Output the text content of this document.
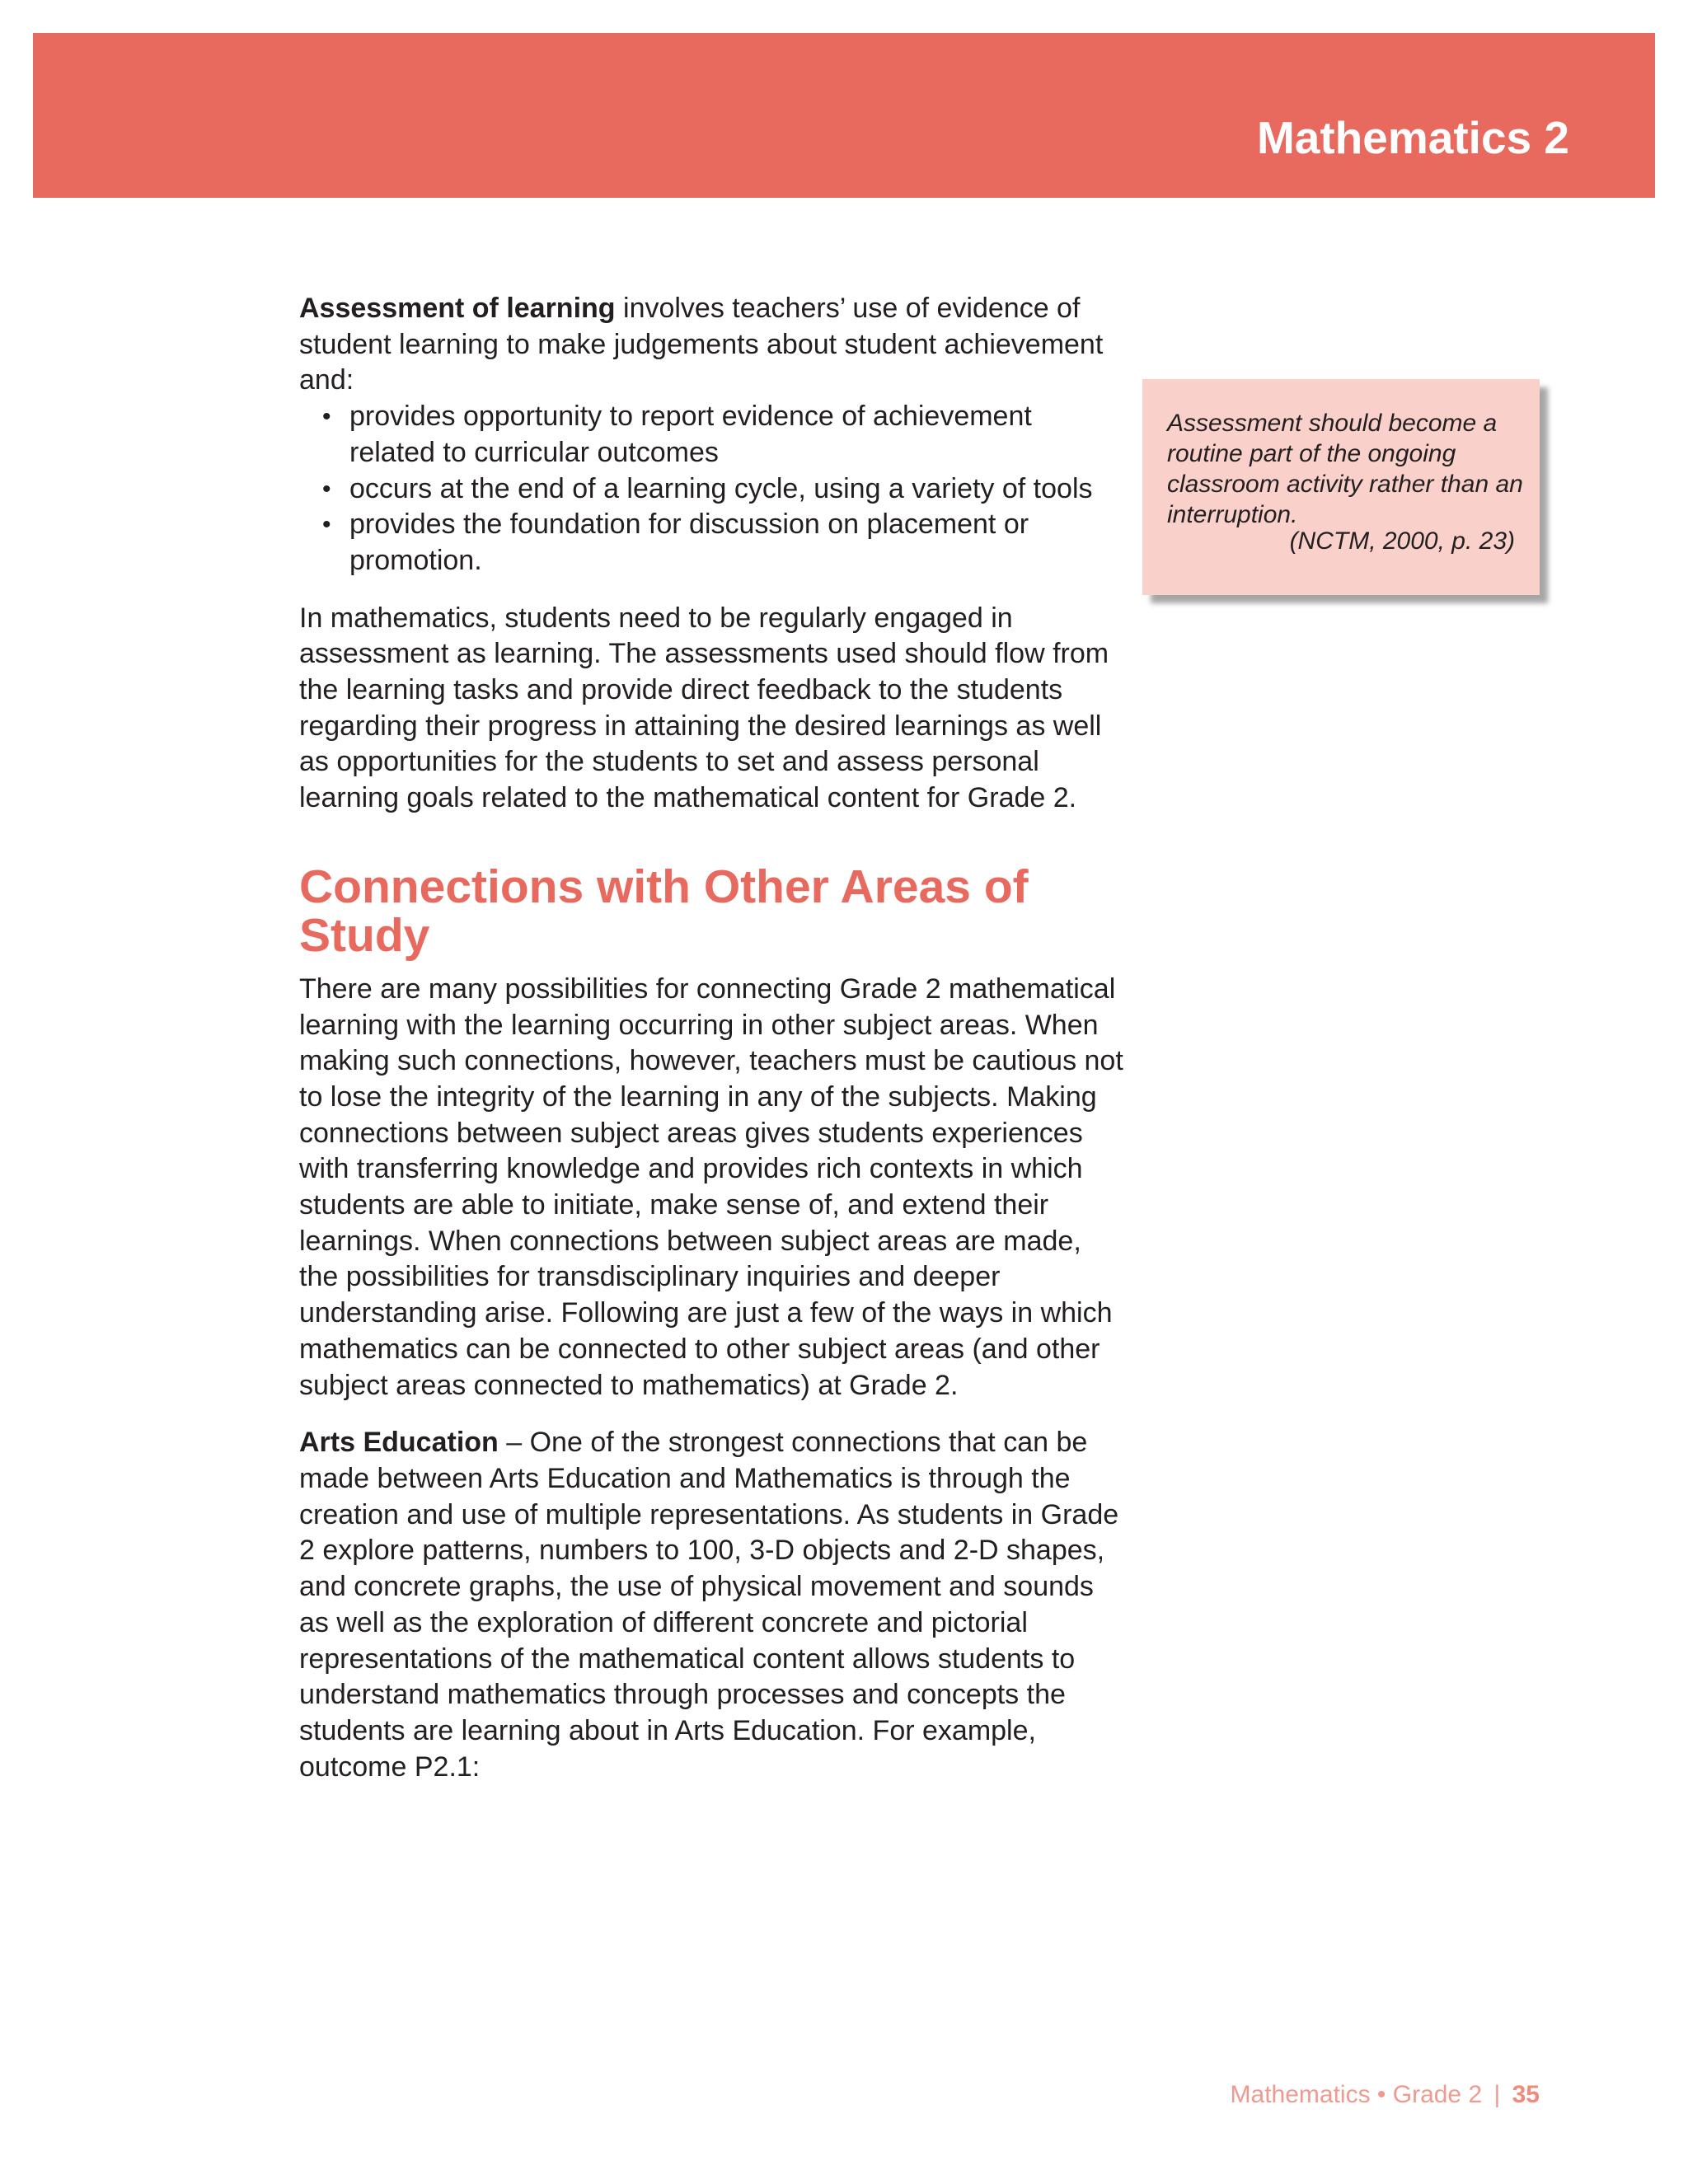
Mathematics 2

Assessment of learning involves teachers’ use of evidence of student learning to make judgements about student achievement and:

• provides opportunity to report evidence of achievement related to curricular outcomes
• occurs at the end of a learning cycle, using a variety of tools
• provides the foundation for discussion on placement or promotion.

In mathematics, students need to be regularly engaged in assessment as learning. The assessments used should flow from the learning tasks and provide direct feedback to the students regarding their progress in attaining the desired learnings as well as opportunities for the students to set and assess personal learning goals related to the mathematical content for Grade 2.

Connections with Other Areas of Study

There are many possibilities for connecting Grade 2 mathematical learning with the learning occurring in other subject areas. When making such connections, however, teachers must be cautious not to lose the integrity of the learning in any of the subjects. Making connections between subject areas gives students experiences with transferring knowledge and provides rich contexts in which students are able to initiate, make sense of, and extend their learnings. When connections between subject areas are made, the possibilities for transdisciplinary inquiries and deeper understanding arise. Following are just a few of the ways in which mathematics can be connected to other subject areas (and other subject areas connected to mathematics) at Grade 2.

Arts Education – One of the strongest connections that can be made between Arts Education and Mathematics is through the creation and use of multiple representations. As students in Grade 2 explore patterns, numbers to 100, 3-D objects and 2-D shapes, and concrete graphs, the use of physical movement and sounds as well as the exploration of different concrete and pictorial representations of the mathematical content allows students to understand mathematics through processes and concepts the students are learning about in Arts Education. For example, outcome P2.1:

Assessment should become a routine part of the ongoing classroom activity rather than an interruption.
(NCTM, 2000, p. 23)
Mathematics • Grade 2 | 35
